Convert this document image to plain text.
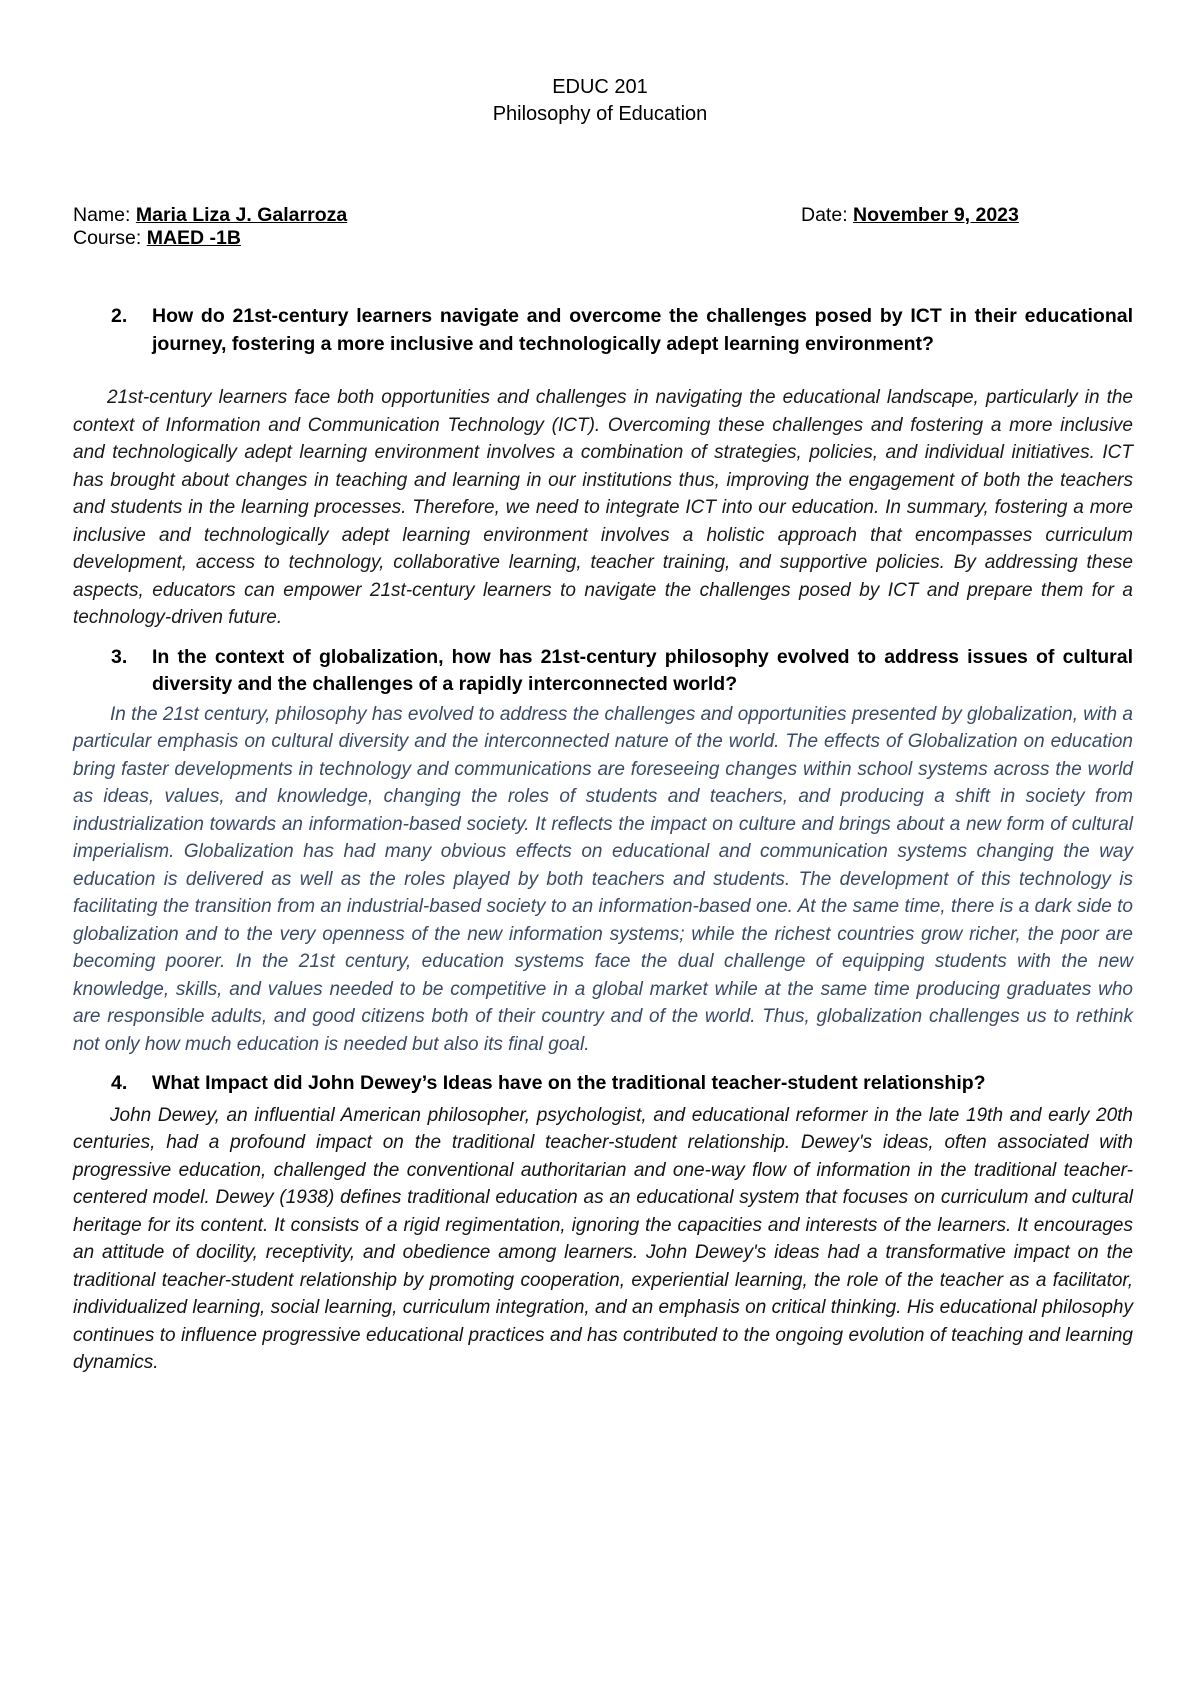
EDUC 201
Philosophy of Education
Name: Maria Liza J. Galarroza	Date: November 9, 2023
Course: MAED -1B
2.	How do 21st-century learners navigate and overcome the challenges posed by ICT in their educational journey, fostering a more inclusive and technologically adept learning environment?

21st-century learners face both opportunities and challenges in navigating the educational landscape, particularly in the context of Information and Communication Technology (ICT). Overcoming these challenges and fostering a more inclusive and technologically adept learning environment involves a combination of strategies, policies, and individual initiatives. ICT has brought about changes in teaching and learning in our institutions thus, improving the engagement of both the teachers and students in the learning processes. Therefore, we need to integrate ICT into our education. In summary, fostering a more inclusive and technologically adept learning environment involves a holistic approach that encompasses curriculum development, access to technology, collaborative learning, teacher training, and supportive policies. By addressing these aspects, educators can empower 21st-century learners to navigate the challenges posed by ICT and prepare them for a technology-driven future.

3.	In the context of globalization, how has 21st-century philosophy evolved to address issues of cultural diversity and the challenges of a rapidly interconnected world?

In the 21st century, philosophy has evolved to address the challenges and opportunities presented by globalization, with a particular emphasis on cultural diversity and the interconnected nature of the world. The effects of Globalization on education bring faster developments in technology and communications are foreseeing changes within school systems across the world as ideas, values, and knowledge, changing the roles of students and teachers, and producing a shift in society from industrialization towards an information-based society. It reflects the impact on culture and brings about a new form of cultural imperialism. Globalization has had many obvious effects on educational and communication systems changing the way education is delivered as well as the roles played by both teachers and students. The development of this technology is facilitating the transition from an industrial-based society to an information-based one. At the same time, there is a dark side to globalization and to the very openness of the new information systems; while the richest countries grow richer, the poor are becoming poorer. In the 21st century, education systems face the dual challenge of equipping students with the new knowledge, skills, and values needed to be competitive in a global market while at the same time producing graduates who are responsible adults, and good citizens both of their country and of the world. Thus, globalization challenges us to rethink not only how much education is needed but also its final goal.

4.	What Impact did John Dewey’s Ideas have on the traditional teacher-student relationship?

John Dewey, an influential American philosopher, psychologist, and educational reformer in the late 19th and early 20th centuries, had a profound impact on the traditional teacher-student relationship. Dewey's ideas, often associated with progressive education, challenged the conventional authoritarian and one-way flow of information in the traditional teacher-centered model. Dewey (1938) defines traditional education as an educational system that focuses on curriculum and cultural heritage for its content. It consists of a rigid regimentation, ignoring the capacities and interests of the learners. It encourages an attitude of docility, receptivity, and obedience among learners. John Dewey's ideas had a transformative impact on the traditional teacher-student relationship by promoting cooperation, experiential learning, the role of the teacher as a facilitator, individualized learning, social learning, curriculum integration, and an emphasis on critical thinking. His educational philosophy continues to influence progressive educational practices and has contributed to the ongoing evolution of teaching and learning dynamics.
